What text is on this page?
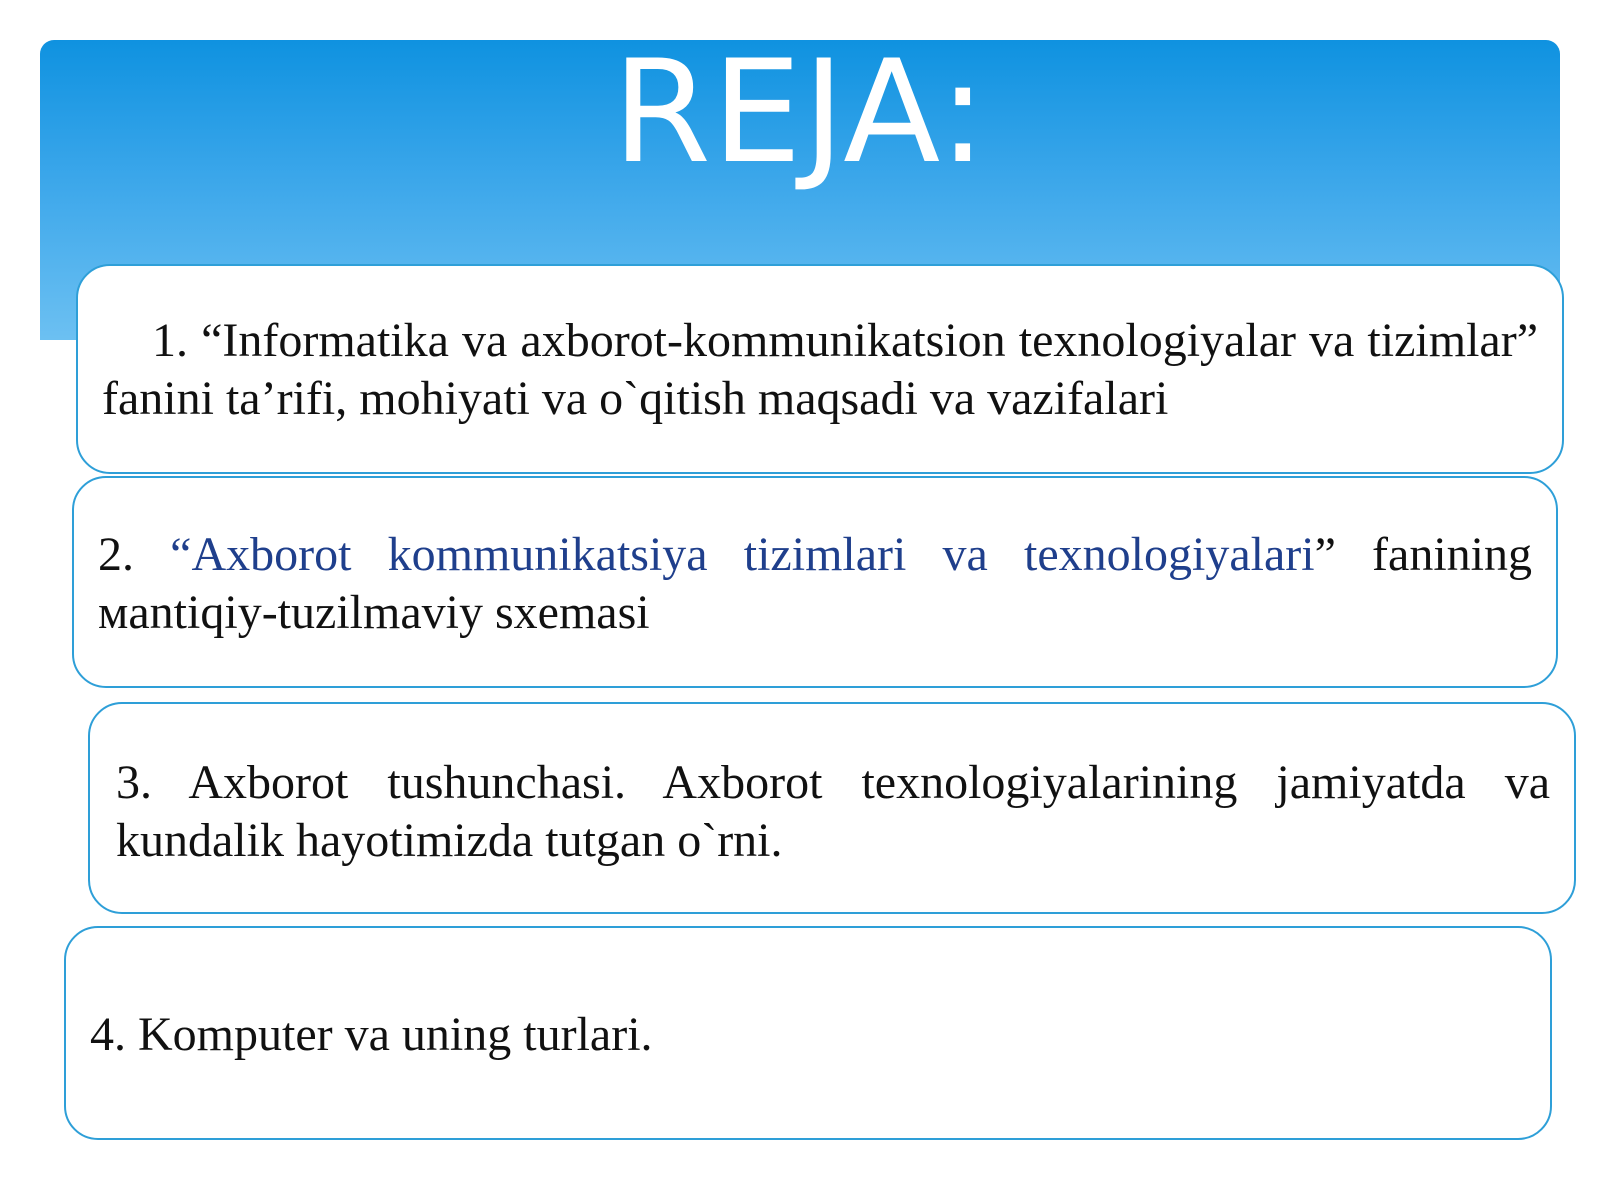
REJA:

1. “Informatika va axborot-kommunikatsion texnologiyalar va tizimlar” fanini ta’rifi, mohiyati va o`qitish maqsadi va vazifalari

2. “Axborot kommunikatsiya tizimlari va texnologiyalari” fanining мantiqiy-tuzilmaviy sxemasi

3. Axborot tushunchasi. Axborot texnologiyalarining jamiyatda va kundalik hayotimizda tutgan o`rni.

4. Komputer va uning turlari.
